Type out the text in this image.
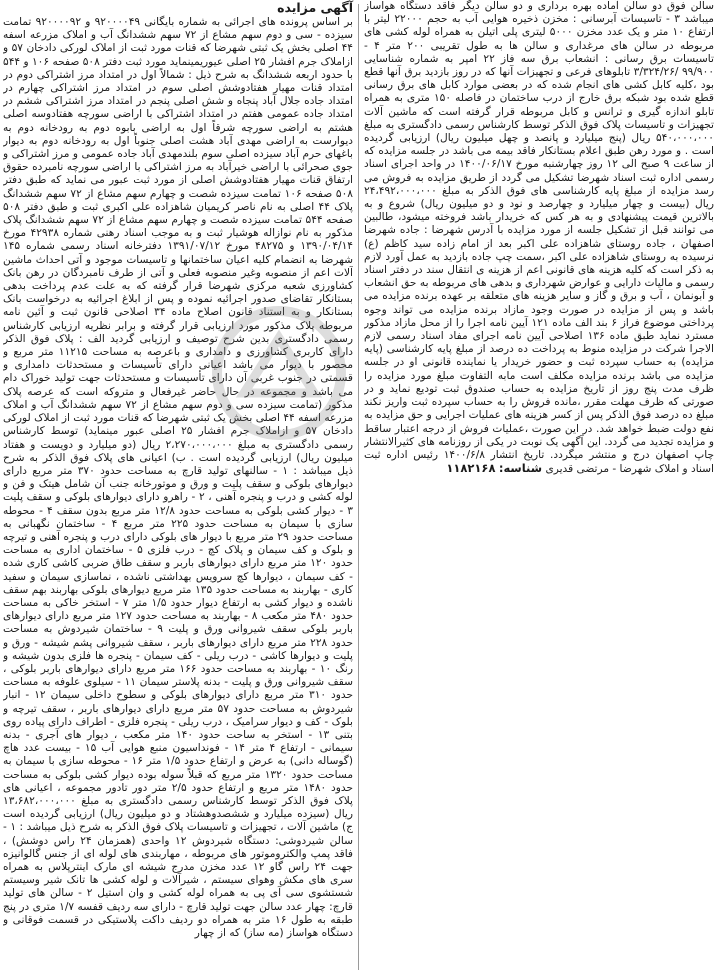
سالن فوق دو سالن آماده بهره برداری و دو سالن دیگر فاقد دستگاه هواساز میباشد ۳ - تاسیسات آبرسانی : مخزن ذخیره هوایی آب به حجم ۲۲۰۰۰ لیتر با ارتفاع ۱۰ متر و یک عدد مخزن ۵۰۰۰ لیتری پلی اتیلن به همراه لوله کشی های مربوطه در سالن های مرغداری و سالن ها به طول تقریبی ۲۰۰ متر ۴ - تاسیسات برق رسانی : انشعاب برق سه فاز ۲۲ امپر به شماره شناسایی ۹۹/۹۰۰ /۳/۳۲۴/۲۶ تابلوهای فرعی و تجهیزات آنها که در روز بازدید برق آنها قطع بود ،کلیه کابل کشی های انجام شده که در بعضی موارد کابل های برق رسانی قطع شده بود شبکه برق خارج از درب ساختمان در فاصله ۱۵۰ متری به همراه تابلو اندازه گیری و ترانس و کابل مربوطه قرار گرفته است که ماشین آلات تجهیزات و تاسیسات پلاک فوق الذکر توسط کارشناس رسمی دادگستری به مبلغ ۵۴۰،۰۰۰،۰۰۰ ریال (پنج میلیارد و پانصد و چهل میلیون ریال) ارزیابی گردیده است . و مورد رهن طبق اعلام بستانکار فاقد بیمه می باشد در جلسه مزایده که از ساعت ۹ صبح الی ۱۲ روز چهارشنبه مورخ ۱۴۰۰/۰۶/۱۷ در واحد اجرای اسناد رسمی اداره ثبت اسناد شهرضا تشکیل می گردد از طریق مزایده به فروش می رسد مزایده از مبلغ پایه کارشناسی های فوق الذکر به مبلغ ۲۴،۴۹۲،۰۰۰،۰۰۰ ریال (بیست و چهار میلیارد و چهارصد و نود و دو میلیون ریال) شروع و به بالاترین قیمت پیشنهادی و به هر کس که خریدار باشد فروخته میشود، طالبین می توانند قبل از تشکیل جلسه از مورد مزایده با آدرس شهرضا : جاده شهرضا اصفهان ، جاده روستای شاهزاده علی اکبر بعد از امام زاده سید کاظم (ع) نرسیده به روستای شاهزاده علی اکبر ،سمت چپ جاده بازدید به عمل آورد لازم به ذکر است که کلیه هزینه های قانونی اعم از هزینه ی انتقال سند در دفتر اسناد رسمی و مالیات دارایی و عوارض شهرداری و بدهی های مربوطه به حق انشعاب و آبونمان ، آب و برق و گاز و سایر هزینه های متعلقه بر عهده برنده مزایده می باشد و پس از مزایده در صورت وجود مازاد برنده مزایده می تواند وجوه پرداختی موضوع فراز ۶ بند الف ماده ۱۲۱ آیین نامه اجرا را از محل مازاد مذکور مسترد نماید طبق ماده ۱۳۶ اصلاحی آیین نامه اجرای مفاد اسناد رسمی لازم الاجرا شرکت در مزایده منوط به پرداخت ده درصد از مبلغ پایه کارشناسی (پایه مزایده) به حساب سپرده ثبت و حضور خریدار یا نماینده قانونی او در جلسه مزایده می باشد برنده مزایده مکلف است مابه التفاوت مبلغ مورد مزایده را ظرف مدت پنج روز از تاریخ مزایده به حساب صندوق ثبت تودیع نماید و در صورتی که ظرف مهلت مقرر ،مانده فروش را به حساب سپرده ثبت واریز نکند مبلغ ده درصد فوق الذکر پس از کسر هزینه های عملیات اجرایی و حق مزایده به نفع دولت ضبط خواهد شد. در این صورت ،عملیات فروش از درجه اعتبار ساقط و مزایده تجدید می گردد. این آگهی یک نوبت در یکی از روزنامه های کثیرالانتشار چاپ اصفهان درج و منتشر میگردد. تاریخ انتشار ۱۴۰۰/۶/۸ رئیس اداره ثبت اسناد و املاک شهرضا - مرتضی قدیری شناسه: ۱۱۸۲۱۶۸

بر اساس پرونده های اجرائی به شماره بایگانی ۹۲۰۰۰۰۴۹ و ۹۲۰۰۰۰۹۲ تمامت سیزده - سی و دوم سهم مشاع از ۷۲ سهم ششدانگ آب و املاک مزرعه اسفه ۴۴ اصلی بخش یک ثبتی شهرضا که قنات مورد ثبت از املاک لورکی دادخان ۵۷ و ازاملاک جرم افشار ۲۵ اصلی عیوریمینماید مورد ثبت دفتر ۵۰۸ صفحه ۱۰۶ و ۵۴۴ با حدود اربعه ششدانگ به شرح ذیل : شمالاً اول در امتداد مرز اشتراکی دوم در امتداد قنات مهیار هفتادوشش اصلی سوم در امتداد مرز اشتراکی چهارم در امتداد جاده جلال آباد پنجاه و شش اصلی پنجم در امتداد مرز اشتراکی ششم در امتداد جاده عمومی هفتم در امتداد اشتراکی با اراضی سورچه هفتادوسه اصلی هشتم به اراضی سورچه شرقاً اول به اراضی بابوه دوم به رودخانه دوم به دیوارست به اراضی مهدی آباد هشت اصلی جنوباً اول به رودخانه دوم به دیوار باغهای حرم آباد سیزده اصلی سوم بلندمهدی آباد جاده عمومی و مرز اشتراکی و جوی صحرائی با اراضی خیرآباد به مرز اشتراکی با اراضی سورچه نامبرده حقوق ارتفاق قنات مهیار هفتادوشش اصلی از مورد ثبت عبور می نماید که طبق دفتر ۵۰۸ صفحه ۱۰۶ تمامت سیزده شصت و چهارم سهم مشاع از ۷۲ سهم ششدانگ پلاک ۴۴ اصلی به نام ناصر کریمیان شاهزاده علی اکبری ثبت و طبق دفتر ۵۰۸ صفحه ۵۴۴ تمامت سیزده شصت و چهارم سهم مشاع از ۷۲ سهم ششدانگ پلاک مذکور به نام نوازاله هوشیار ثبت و به موجب اسناد رهنی شماره ۴۲۹۳۸ مورخ ۱۳۹۰/۰۴/۱۴ و ۴۸۲۷۵ مورخ ۱۳۹۱/۰۷/۱۲ دفترخانه اسناد رسمی شماره ۱۴۵ شهرضا به انضمام کلیه اعیان ساختمانها و تاسیسات موجود و آتی احداث ماشین آلات اعم از منصوبه وغیر منصوبه فعلی و آتی از طرف نامبردگان در رهن بانک کشاورزی شعبه مرکزی شهرضا قرار گرفته که به علت عدم پرداخت بدهی بستانکار تقاضای صدور اجرائیه نموده و پس از ابلاغ اجرائیه به درخواست بانک بستانکار و به استناد قانون اصلاح ماده ۳۴ اصلاحی قانون ثبت و آئین نامه مربوطه پلاک مذکور مورد ارزیابی قرار گرفته و برابر نظریه ارزیابی کارشناس رسمی دادگستری بدین شرح توصیف و ارزیابی گردید الف : پلاک فوق الذکر دارای کاربری کشاورزی و دامداری و باعرصه به مساحت ۱۱۲۱۵ متر مربع و محصور با دیوار می باشد اعیانی دارای تأسیسات و مستحدثات دامداری و قسمتی در جنوب غربی آن دارای تأسیسات و مستحدثات جهت تولید خوراک دام می باشد و مجموعه در حال حاضر غیرفعال و متروکه است که عرصه پلاک مذکور (تمامت سیزده سی و دوم سهم مشاع از ۷۲ سهم ششدانگ آب و املاک مزرعه اسفه ۴۴ اصلی بخش یک ثبتی شهرضا که قنات مورد ثبت از املاک لورکی دادخان ۵۷ و ازاملاک جرم افشار ۲۵ اصلی عبور مینماید) توسط کارشناس رسمی دادگستری به مبلغ ۲،۲۷۰،۰۰۰،۰۰۰ ریال (دو میلیارد و دویست و هفتاد میلیون ریال) ارزیابی گردیده است . ب) اعیانی های پلاک فوق الذکر به شرح ذیل میباشد : ۱ - سالنهای تولید قارچ به مساحت حدود ۳۷۰ متر مربع دارای دیوارهای بلوکی و سقف پلیت و ورق و موتورخانه جنب آن شامل هیتک و فن و لوله کشی و درب و پنجره آهنی ، ۲ - راهرو دارای دیوارهای بلوکی و سقف پلیت ۳ - دیوار کشی بلوکی به مساحت حدود ۱۲/۸ متر مربع بدون سقف ۴ - محوطه سازی با سیمان به مساحت حدود ۲۲۵ متر مربع ۴ - ساختمان نگهبانی به مساحت حدود ۲۹ متر مربع با دیوار های بلوکی دارای درب و پنجره آهنی و تیرچه و بلوک و کف سیمان و پلاک کچ - درب فلزی ۵ - ساختمان اداری به مساحت حدود ۱۲۰ متر مربع دارای دیوارهای باربر و سقف طاق ضربی کاشی کاری شده - کف سیمان ، دیوارها کچ سرویس بهداشتی ناشده ، نماسازی سیمان و سفید کاری - بهاربند به مساحت حدود ۱۳۵ متر مربع دیوارهای بلوکی بهاربند بهم سقف ناشده و دیوار کشی به ارتفاع دیوار حدود ۱/۵ متر ۷ - استخر خاکی به مساحت حدود ۴۸۰ متر مکعب ۸ - بهاربند به مساحت حدود ۱۲۷ متر مربع دارای دیوارهای باربر بلوکی سقف شیروانی ورق و پلیت ۹ - ساختمان شیردوش به مساحت حدود ۲۲۸ متر مربع دارای دیوارهای باربر ، سقف شیروانی پشم شیشه - ورق و پلیت و دیوارها کاشی - درب ریلی - کف سیمان - پنجره ها فلزی بدون شیشه و رنگ ۱۰ - بهاربند به مساحت حدود ۱۶۶ متر مربع دارای دیوارهای باربر بلوکی ، سقف شیروانی ورق و پلیت - بدنه پلاستر سیمان ۱۱ - سیلوی علوفه به مساحت حدود ۳۱۰ متر مربع دارای دیوارهای بلوکی و سطوح داخلی سیمان ۱۲ - انبار شیردوش به مساحت حدود ۵۷ متر مربع دارای دیوارهای باربر ، سقف تیرچه و بلوک - کف و دیوار سرامیک ، درب ریلی - پنجره فلزی - اطراف دارای پیاده روی بتنی ۱۳ - استخر به ساحت حدود ۱۴۰ متر مکعب ، دیوار های آجری - بدنه سیمانی - ارتفاع ۴ متر ۱۴ - فونداسیون منبع هوایی آب ۱۵ - بیست عدد هاچ (گوساله دانی) به عرض و ارتفاع حدود ۱/۵ متر ۱۶ - محوطه سازی با سیمان به مساحت حدود ۱۳۲۰ متر مربع که قبلاً سوله بوده دیوار کشی بلوکی به مساحت حدود ۱۴۸۰ متر مربع و ارتفاع حدود ۲/۵ متر دور تادور مجموعه ، اعیانی های پلاک فوق الذکر توسط کارشناس رسمی دادگستری به مبلغ ۱۳،۶۸۲،۰۰۰،۰۰۰ ریال (سیزده میلیارد و ششصدوهشتاد و دو میلیون ریال) ارزیابی گردیده است ج) ماشین آلات ، تجهیزات و تاسیسات پلاک فوق الذکر به شرح ذیل میباشد : ۱ - سالن شیردوشی: دستگاه شیردوش ۱۲ واحدی (همزمان ۲۴ راس دوشش) ، فاقد پمپ والکتروموتور های مربوطه ، مهاربندی های لوله ای از جنس گالوانیزه جهت ۲۴ راس گاو ۱۲ عدد مخزن مدرج شیشه ای مارک اینترپلاس به همراه سری های مکش وهوای سیستم ، شیرآلات و لوله کشی ها تانک شیر وسیستم شستشوی سی آی پی به همراه لوله کشی و وان استیل ۲ - سالن های تولید قارچ: چهار عدد سالن جهت تولید قارچ - دارای سه ردیف قفسه ۱/۷ متری در پنج طبقه به طول ۱۶ متر به همراه دو ردیف داکت پلاستیکی در قسمت فوقانی و دستگاه هواساز (مه ساز) که از چهار

آگهی مزایده
